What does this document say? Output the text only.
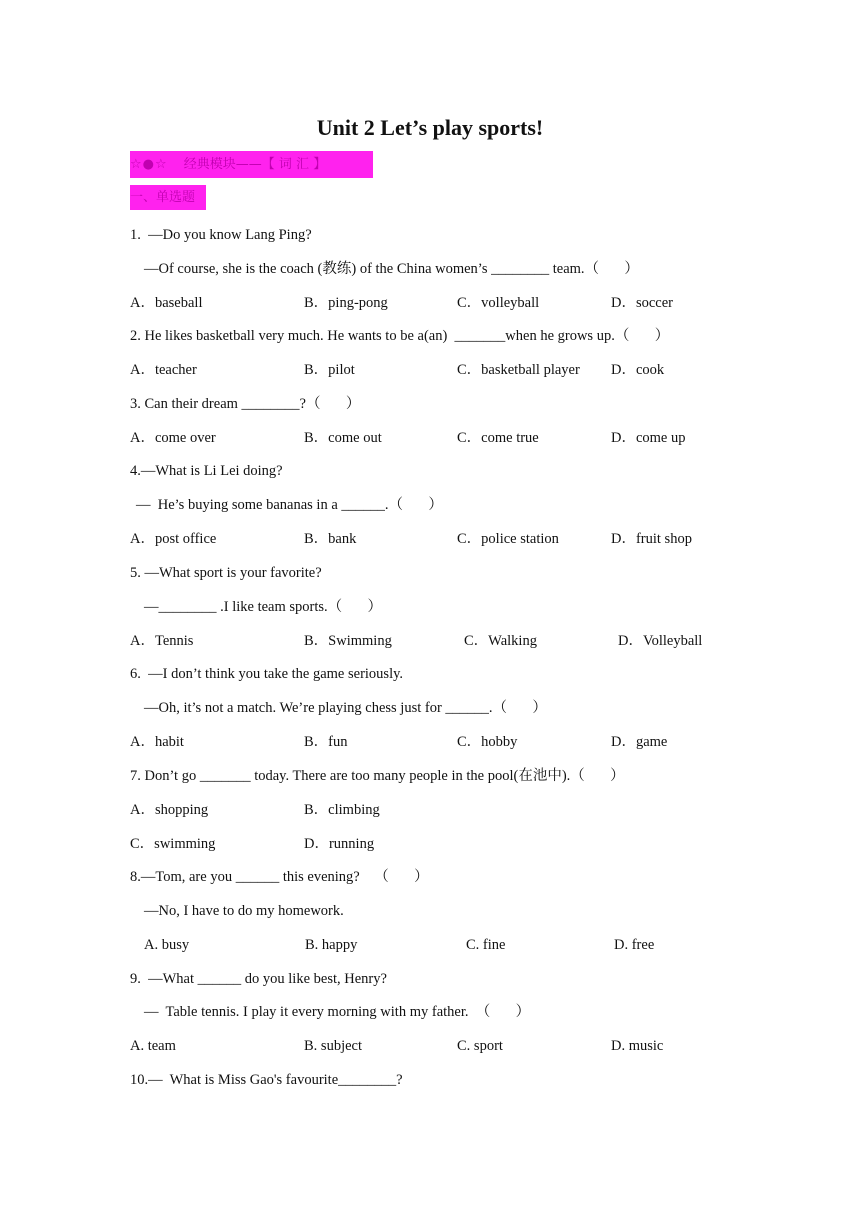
Unit 2 Let’s play sports!
☆●☆ 经典模块——【 词 汇 】
一、单选题
1.  —Do you know Lang Ping?
—Of course, she is the coach (教练) of the China women’s ________ team.（       ）
A．baseball	B．ping-pong	C．volleyball	D．soccer
2. He likes basketball very much. He wants to be a(an)  _______when he grows up.（       ）
A．teacher	B．pilot	C．basketball player D．cook
3. Can their dream ________?（       ）
A．come over	B．come out	C．come true	D．come up
4.—What is Li Lei doing?
—  He’s buying some bananas in a ______.（       ）
A．post office	B．bank	C．police station	D．fruit shop
5. —What sport is your favorite?
—________ .I like team sports.（       ）
A．Tennis	B．Swimming	C．Walking	D．Volleyball
6.  —I don’t think you take the game seriously.
—Oh, it’s not a match. We’re playing chess just for ______.（       ）
A．habit	B．fun	C．hobby	D．game
7. Don’t go _______ today. There are too many people in the pool(在池中).（       ）
A．shopping	B．climbing
C．swimming	D．running
8.—Tom, are you ______ this evening?    （       ）
—No, I have to do my homework.
A. busy	B. happy	C. fine	D. free
9.  —What ______ do you like best, Henry?
—  Table tennis. I play it every morning with my father.  （       ）
A. team	B. subject	C. sport	D. music
10.—  What is Miss Gao's favourite________?
